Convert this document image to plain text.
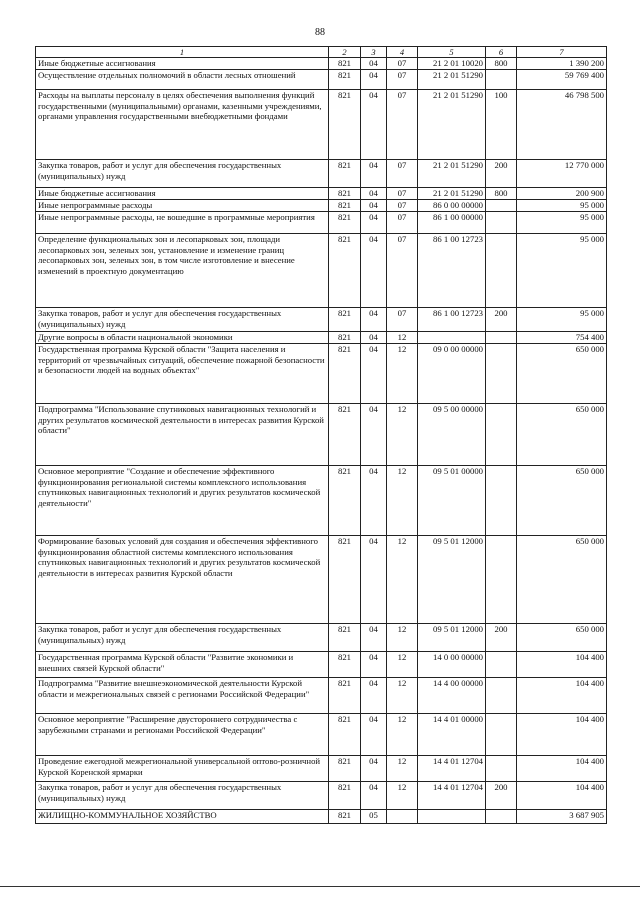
88
1	2	3	4	5	6	7
Иные бюджетные ассигнования	821	04	07	21 2 01 10020	800	1 390 200
Осуществление отдельных полномочий в области лесных отношений	821	04	07	21 2 01 51290		59 769 400
Расходы на выплаты персоналу в целях обеспечения выполнения функций государственными (муниципальными) органами, казенными учреждениями, органами управления государственными внебюджетными фондами	821	04	07	21 2 01 51290	100	46 798 500
Закупка товаров, работ и услуг для обеспечения государственных (муниципальных) нужд	821	04	07	21 2 01 51290	200	12 770 000
Иные бюджетные ассигнования	821	04	07	21 2 01 51290	800	200 900
Иные непрограммные расходы	821	04	07	86 0 00 00000		95 000
Иные непрограммные расходы, не вошедшие в программные мероприятия	821	04	07	86 1 00 00000		95 000
Определение функциональных зон и лесопарковых зон, площади лесопарковых зон, зеленых зон, установление и изменение границ лесопарковых зон, зеленых зон, в том числе изготовление и внесение изменений в проектную документацию	821	04	07	86 1 00 12723		95 000
Закупка товаров, работ и услуг для обеспечения государственных (муниципальных) нужд	821	04	07	86 1 00 12723	200	95 000
Другие вопросы в области национальной экономики	821	04	12			754 400
Государственная программа Курской области "Защита населения и территорий от чрезвычайных ситуаций, обеспечение пожарной безопасности и безопасности людей на водных объектах"	821	04	12	09 0 00 00000		650 000
Подпрограмма "Использование спутниковых навигационных технологий и других результатов космической деятельности в интересах развития Курской области"	821	04	12	09 5 00 00000		650 000
Основное мероприятие "Создание и обеспечение эффективного функционирования региональной системы комплексного использования спутниковых навигационных технологий и других результатов космической деятельности"	821	04	12	09 5 01 00000		650 000
Формирование базовых условий для создания и обеспечения эффективного функционирования областной системы комплексного использования спутниковых навигационных технологий и других результатов космической деятельности в интересах развития Курской области	821	04	12	09 5 01 12000		650 000
Закупка товаров, работ и услуг для обеспечения государственных (муниципальных) нужд	821	04	12	09 5 01 12000	200	650 000
Государственная программа Курской области "Развитие экономики и внешних связей Курской области"	821	04	12	14 0 00 00000		104 400
Подпрограмма "Развитие внешнеэкономической деятельности Курской области и межрегиональных связей с регионами Российской Федерации"	821	04	12	14 4 00 00000		104 400
Основное мероприятие "Расширение двустороннего сотрудничества с зарубежными странами и регионами Российской Федерации"	821	04	12	14 4 01 00000		104 400
Проведение ежегодной межрегиональной универсальной оптово-розничной Курской Коренской ярмарки	821	04	12	14 4 01 12704		104 400
Закупка товаров, работ и услуг для обеспечения государственных (муниципальных) нужд	821	04	12	14 4 01 12704	200	104 400
ЖИЛИЩНО-КОММУНАЛЬНОЕ ХОЗЯЙСТВО	821	05				3 687 905
